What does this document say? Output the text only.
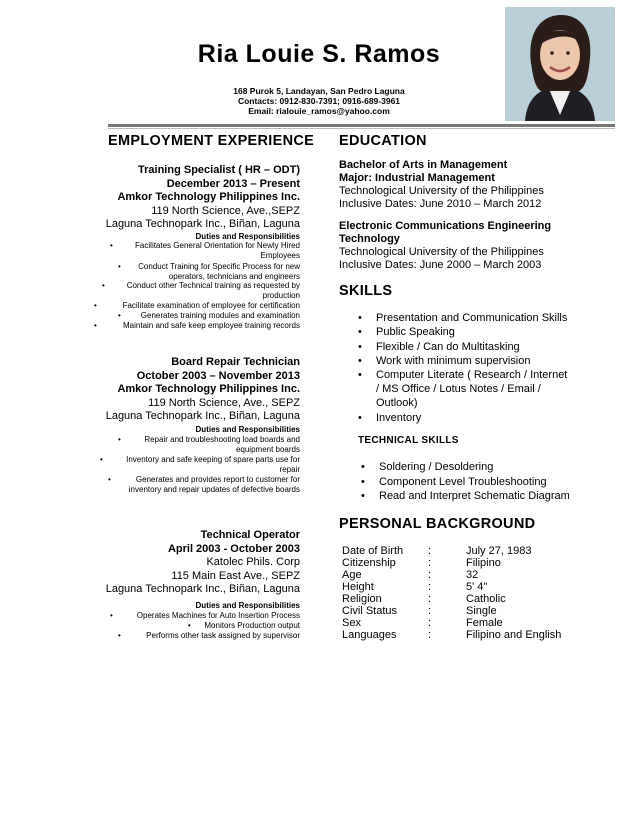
Ria Louie S. Ramos
168 Purok 5, Landayan, San Pedro Laguna
Contacts: 0912-830-7391; 0916-689-3961
Email: rialouie_ramos@yahoo.com
EMPLOYMENT EXPERIENCE
Training Specialist ( HR – ODT)
December 2013 – Present
Amkor Technology Philippines Inc.
119 North Science, Ave.,SEPZ
Laguna Technopark Inc., Biñan, Laguna
Duties and Responsibilities
•	Facilitates General Orientation for Newly Hired Employees
•	Conduct Training for Specific Process for new operators, technicians and engineers
•	Conduct other Technical training as requested by production
•	Facilitate examination of employee for certification
•	Generates training modules and examination
•	Maintain and safe keep employee training records
Board Repair Technician
October 2003 – November 2013
Amkor Technology Philippines Inc.
119 North Science, Ave., SEPZ
Laguna Technopark Inc., Biñan, Laguna
Duties and Responsibilities
•	Repair and troubleshooting load boards and equipment boards
•	Inventory and safe keeping of spare parts use for repair
•	Generates and provides report to customer for inventory and repair updates of defective boards
Technical Operator
April 2003 - October 2003
Katolec Phils. Corp
115 Main East Ave., SEPZ
Laguna Technopark Inc., Biñan, Laguna
Duties and Responsibilities
•	Operates Machines for Auto Insertion Process
•	Monitors Production output
•	Performs other task assigned by supervisor
EDUCATION
Bachelor of Arts in Management
Major: Industrial Management
Technological University of the Philippines
Inclusive Dates: June 2010 – March 2012
Electronic Communications Engineering
Technology
Technological University of the Philippines
Inclusive Dates: June 2000 – March 2003
SKILLS
• Presentation and Communication Skills
• Public Speaking
• Flexible / Can do Multitasking
• Work with minimum supervision
• Computer Literate ( Research / Internet
/ MS Office / Lotus Notes / Email /
Outlook)
• Inventory
TECHNICAL SKILLS
• Soldering / Desoldering
• Component Level Troubleshooting
• Read and Interpret Schematic Diagram
PERSONAL BACKGROUND
Date of Birth :	July 27, 1983
Citizenship	:	Filipino
Age	:	32
Height	:	5' 4"
Religion	:	Catholic
Civil Status	:	Single
Sex	:	Female
Languages	:	Filipino and English
